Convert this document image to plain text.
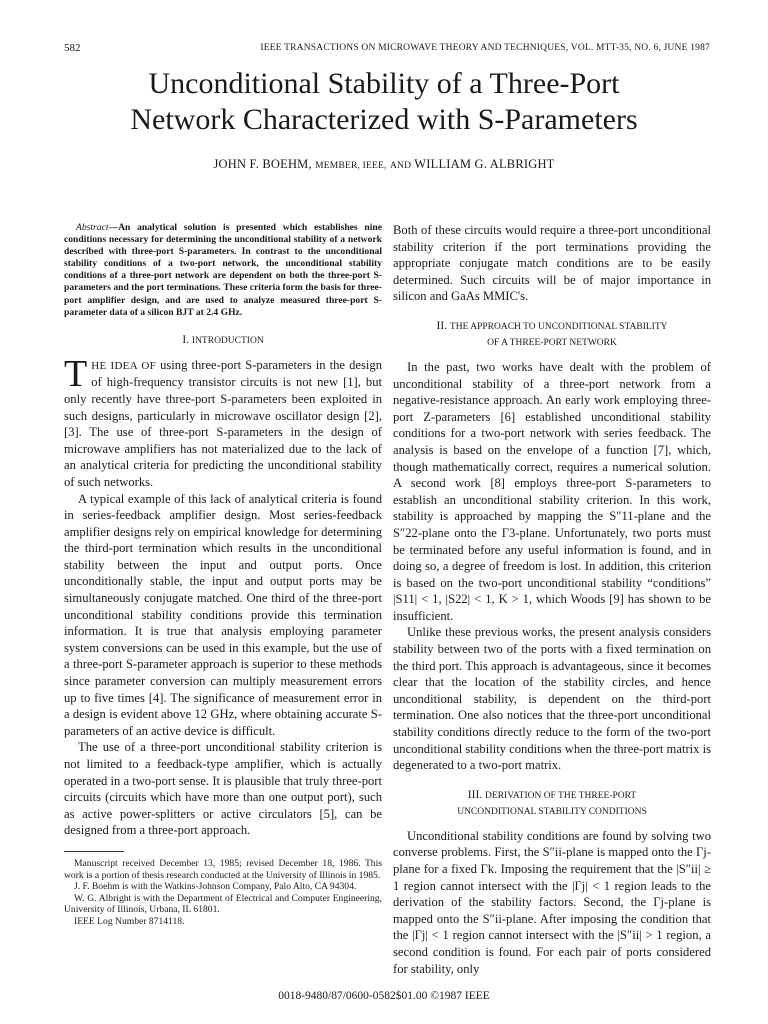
582	IEEE TRANSACTIONS ON MICROWAVE THEORY AND TECHNIQUES, VOL. MTT-35, NO. 6, JUNE 1987
Unconditional Stability of a Three-Port
Network Characterized with S-Parameters
JOHN F. BOEHM, MEMBER, IEEE, AND WILLIAM G. ALBRIGHT

Abstract—An analytical solution is presented which establishes nine conditions necessary for determining the unconditional stability of a network described with three-port S-parameters. In contrast to the unconditional stability conditions of a two-port network, the unconditional stability conditions of a three-port network are dependent on both the three-port S-parameters and the port terminations. These criteria form the basis for three-port amplifier design, and are used to analyze measured three-port S-parameter data of a silicon BJT at 2.4 GHz.

I. INTRODUCTION

THE IDEA OF using three-port S-parameters in the design of high-frequency transistor circuits is not new [1], but only recently have three-port S-parameters been exploited in such designs, particularly in microwave oscillator design [2], [3]. The use of three-port S-parameters in the design of microwave amplifiers has not materialized due to the lack of an analytical criteria for predicting the unconditional stability of such networks.

A typical example of this lack of analytical criteria is found in series-feedback amplifier design. Most series-feedback amplifier designs rely on empirical knowledge for determining the third-port termination which results in the unconditional stability between the input and output ports. Once unconditionally stable, the input and output ports may be simultaneously conjugate matched. One third of the three-port unconditional stability conditions provide this termination information. It is true that analysis employing parameter system conversions can be used in this example, but the use of a three-port S-parameter approach is superior to these methods since parameter conversion can multiply measurement errors up to five times [4]. The significance of measurement error in a design is evident above 12 GHz, where obtaining accurate S-parameters of an active device is difficult.

The use of a three-port unconditional stability criterion is not limited to a feedback-type amplifier, which is actually operated in a two-port sense. It is plausible that truly three-port circuits (circuits which have more than one output port), such as active power-splitters or active circulators [5], can be designed from a three-port approach.

Manuscript received December 13, 1985; revised December 18, 1986. This work is a portion of thesis research conducted at the University of Illinois in 1985.

J. F. Boehm is with the Watkins-Johnson Company, Palo Alto, CA 94304.

W. G. Albright is with the Department of Electrical and Computer Engineering, University of Illinois, Urbana, IL 61801.

IEEE Log Number 8714118.

Both of these circuits would require a three-port unconditional stability criterion if the port terminations providing the appropriate conjugate match conditions are to be easily determined. Such circuits will be of major importance in silicon and GaAs MMIC's.

II. THE APPROACH TO UNCONDITIONAL STABILITY
OF A THREE-PORT NETWORK

In the past, two works have dealt with the problem of unconditional stability of a three-port network from a negative-resistance approach. An early work employing three-port Z-parameters [6] established unconditional stability conditions for a two-port network with series feedback. The analysis is based on the envelope of a function [7], which, though mathematically correct, requires a numerical solution. A second work [8] employs three-port S-parameters to establish an unconditional stability criterion. In this work, stability is approached by mapping the S″11-plane and the S″22-plane onto the Γ3-plane. Unfortunately, two ports must be terminated before any useful information is found, and in doing so, a degree of freedom is lost. In addition, this criterion is based on the two-port unconditional stability “conditions” |S11| < 1, |S22| < 1, K > 1, which Woods [9] has shown to be insufficient.

Unlike these previous works, the present analysis considers stability between two of the ports with a fixed termination on the third port. This approach is advantageous, since it becomes clear that the location of the stability circles, and hence unconditional stability, is dependent on the third-port termination. One also notices that the three-port unconditional stability conditions directly reduce to the form of the two-port unconditional stability conditions when the three-port matrix is degenerated to a two-port matrix.

III. DERIVATION OF THE THREE-PORT
UNCONDITIONAL STABILITY CONDITIONS

Unconditional stability conditions are found by solving two converse problems. First, the S″ii-plane is mapped onto the Γj-plane for a fixed Γk. Imposing the requirement that the |S″ii| ≥ 1 region cannot intersect with the |Γj| < 1 region leads to the derivation of the stability factors. Second, the Γj-plane is mapped onto the S″ii-plane. After imposing the condition that the |Γj| < 1 region cannot intersect with the |S″ii| > 1 region, a second condition is found. For each pair of ports considered for stability, only

0018-9480/87/0600-0582$01.00 ©1987 IEEE
